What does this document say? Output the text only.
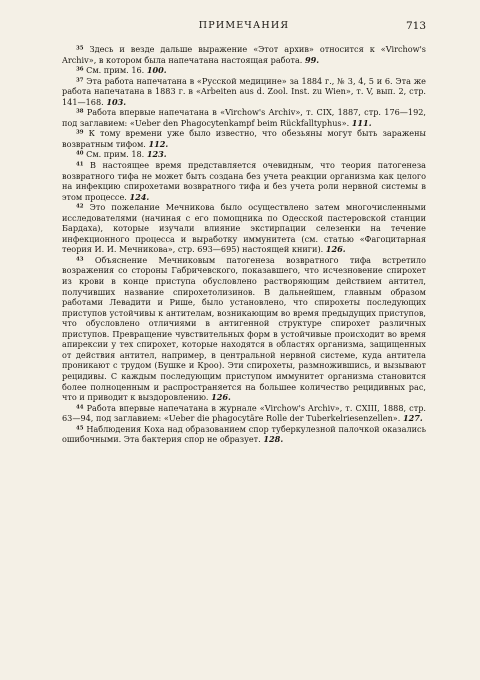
ПРИМЕЧАНИЯ	713

$^{35}$ Здесь и везде дальше выражение «Этот архив» относится к «Virchow's Archiv», в котором была напечатана настоящая работа. 99.

$^{36}$ См. прим. 16. 100.

$^{37}$ Эта работа напечатана в «Русской медицине» за 1884 г., № 3, 4, 5 и 6. Эта же работа напечатана в 1883 г. в «Arbeiten aus d. Zool. Inst. zu Wien», т. V, вып. 2, стр. 141—168. 103.

$^{38}$ Работа впервые напечатана в «Virchow's Archiv», т. CIX, 1887, стр. 176—192, под заглавием: «Ueber den Phagocytenkampf beim Rückfalltyphus». 111.

$^{39}$ К тому времени уже было известно, что обезьяны могут быть заражены возвратным тифом. 112.

$^{40}$ См. прим. 18. 123.

$^{41}$ В настоящее время представляется очевидным, что теория патогенеза возвратного тифа не может быть создана без учета реакции организма как целого на инфекцию спирохетами возвратного тифа и без учета роли нервной системы в этом процессе. 124.

$^{42}$ Это пожелание Мечникова было осуществлено затем многочисленными исследователями (начиная с его помощника по Одесской пастеровской станции Бардаха), которые изучали влияние экстирпации селезенки на течение инфекционного процесса и выработку иммунитета (см. статью «Фагоцитарная теория И. И. Мечникова», стр. 693—695) настоящей книги). 126.

$^{43}$ Объяснение Мечниковым патогенеза возвратного тифа встретило возражения со стороны Габричевского, показавшего, что исчезновение спирохет из крови в конце приступа обусловлено растворяющим действием антител, получивших название спирохетолизинов. В дальнейшем, главным образом работами Левадити и Рише, было установлено, что спирохеты последующих приступов устойчивы к антителам, возникающим во время предыдущих приступов, что обусловлено отличиями в антигенной структуре спирохет различных приступов. Превращение чувствительных форм в устойчивые происходит во время апирексии у тех спирохет, которые находятся в областях организма, защищенных от действия антител, например, в центральной нервной системе, куда антитела проникают с трудом (Бушке и Кроо). Эти спирохеты, размножившись, и вызывают рецидивы. С каждым последующим приступом иммунитет организма становится более полноценным и распространяется на большее количество рецидивных рас, что и приводит к выздоровлению. 126.

$^{44}$ Работа впервые напечатана в журнале «Virchow's Archiv», т. CXIII, 1888, стр. 63—94, под заглавием: «Ueber die phagocytäre Rolle der Tuberkelriesenzellen». 127.

$^{45}$ Наблюдения Коха над образованием спор туберкулезной палочкой оказались ошибочными. Эта бактерия спор не образует. 128.
